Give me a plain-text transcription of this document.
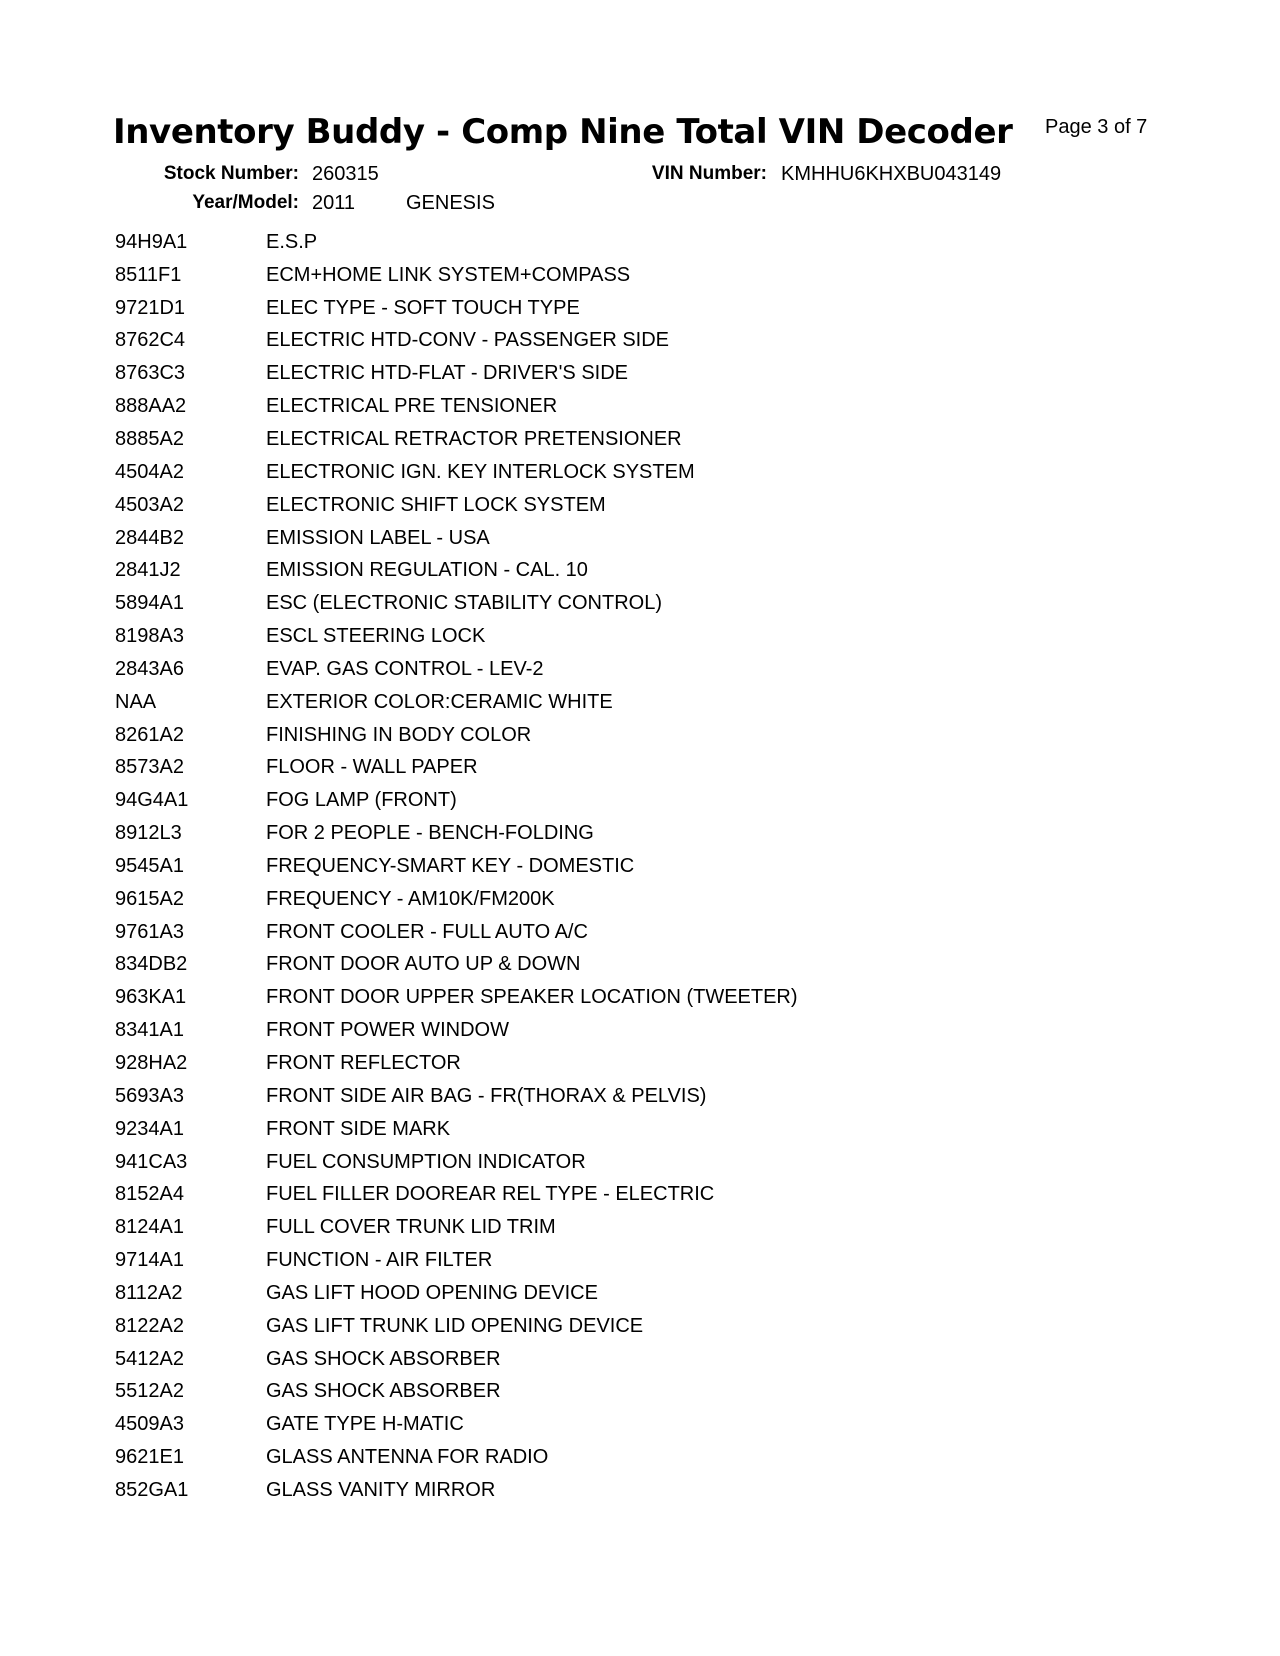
Inventory Buddy - Comp Nine Total VIN Decoder Page 3 of 7
Stock Number: 260315	VIN Number: KMHHU6KHXBU043149
Year/Model: 2011	GENESIS
94H9A1	E.S.P
8511F1	ECM+HOME LINK SYSTEM+COMPASS
9721D1	ELEC TYPE - SOFT TOUCH TYPE
8762C4	ELECTRIC HTD-CONV - PASSENGER SIDE
8763C3	ELECTRIC HTD-FLAT - DRIVER'S SIDE
888AA2	ELECTRICAL PRE TENSIONER
8885A2	ELECTRICAL RETRACTOR PRETENSIONER
4504A2	ELECTRONIC IGN. KEY INTERLOCK SYSTEM
4503A2	ELECTRONIC SHIFT LOCK SYSTEM
2844B2	EMISSION LABEL - USA
2841J2	EMISSION REGULATION - CAL. 10
5894A1	ESC (ELECTRONIC STABILITY CONTROL)
8198A3	ESCL STEERING LOCK
2843A6	EVAP. GAS CONTROL - LEV-2
NAA	EXTERIOR COLOR:CERAMIC WHITE
8261A2	FINISHING IN BODY COLOR
8573A2	FLOOR - WALL PAPER
94G4A1	FOG LAMP (FRONT)
8912L3	FOR 2 PEOPLE - BENCH-FOLDING
9545A1	FREQUENCY-SMART KEY - DOMESTIC
9615A2	FREQUENCY - AM10K/FM200K
9761A3	FRONT COOLER - FULL AUTO A/C
834DB2	FRONT DOOR AUTO UP & DOWN
963KA1	FRONT DOOR UPPER SPEAKER LOCATION (TWEETER)
8341A1	FRONT POWER WINDOW
928HA2	FRONT REFLECTOR
5693A3	FRONT SIDE AIR BAG - FR(THORAX & PELVIS)
9234A1	FRONT SIDE MARK
941CA3	FUEL CONSUMPTION INDICATOR
8152A4	FUEL FILLER DOOREAR REL TYPE - ELECTRIC
8124A1	FULL COVER TRUNK LID TRIM
9714A1	FUNCTION - AIR FILTER
8112A2	GAS LIFT HOOD OPENING DEVICE
8122A2	GAS LIFT TRUNK LID OPENING DEVICE
5412A2	GAS SHOCK ABSORBER
5512A2	GAS SHOCK ABSORBER
4509A3	GATE TYPE H-MATIC
9621E1	GLASS ANTENNA FOR RADIO
852GA1	GLASS VANITY MIRROR
